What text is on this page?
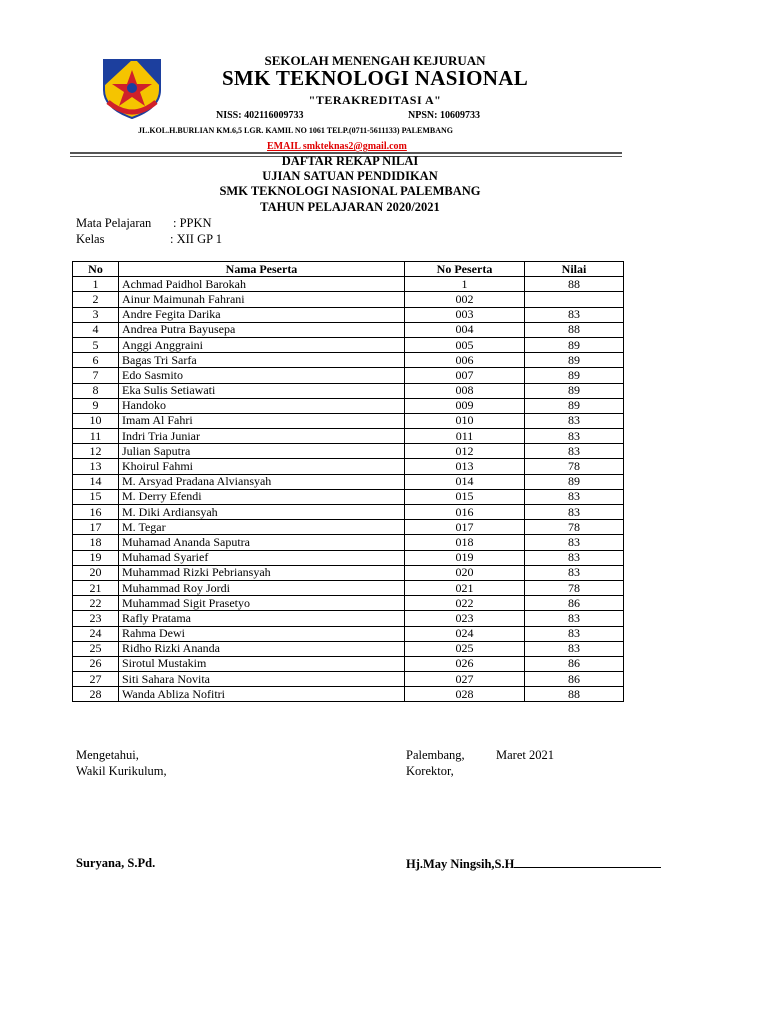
SEKOLAH MENENGAH KEJURUAN
SMK TEKNOLOGI NASIONAL
"TERAKREDITASI A"
NISS: 402116009733	NPSN: 10609733
JL.KOL.H.BURLIAN KM.6,5 LGR. KAMIL NO 1061 TELP.(0711-5611133) PALEMBANG
EMAIL smkteknas2@gmail.com
DAFTAR REKAP NILAI
UJIAN SATUAN PENDIDIKAN
SMK TEKNOLOGI NASIONAL PALEMBANG
TAHUN PELAJARAN 2020/2021
Mata Pelajaran : PPKN
Kelas	: XII GP 1
No	Nama Peserta	No Peserta	Nilai
1	Achmad Paidhol Barokah	1	88
2	Ainur Maimunah Fahrani	002	
3	Andre Fegita Darika	003	83
4	Andrea Putra Bayusepa	004	88
5	Anggi Anggraini	005	89
6	Bagas Tri Sarfa	006	89
7	Edo Sasmito	007	89
8	Eka Sulis Setiawati	008	89
9	Handoko	009	89
10	Imam Al Fahri	010	83
11	Indri Tria Juniar	011	83
12	Julian Saputra	012	83
13	Khoirul Fahmi	013	78
14	M. Arsyad Pradana Alviansyah	014	89
15	M. Derry Efendi	015	83
16	M. Diki Ardiansyah	016	83
17	M. Tegar	017	78
18	Muhamad Ananda Saputra	018	83
19	Muhamad Syarief	019	83
20	Muhammad Rizki Pebriansyah	020	83
21	Muhammad Roy Jordi	021	78
22	Muhammad Sigit Prasetyo	022	86
23	Rafly Pratama	023	83
24	Rahma Dewi	024	83
25	Ridho Rizki Ananda	025	83
26	Sirotul Mustakim	026	86
27	Siti Sahara Novita	027	86
28	Wanda Abliza Nofitri	028	88
Mengetahui,
Wakil Kurikulum,
Palembang,	Maret 2021
Korektor,
Suryana, S.Pd.	Hj.May Ningsih,S.H
